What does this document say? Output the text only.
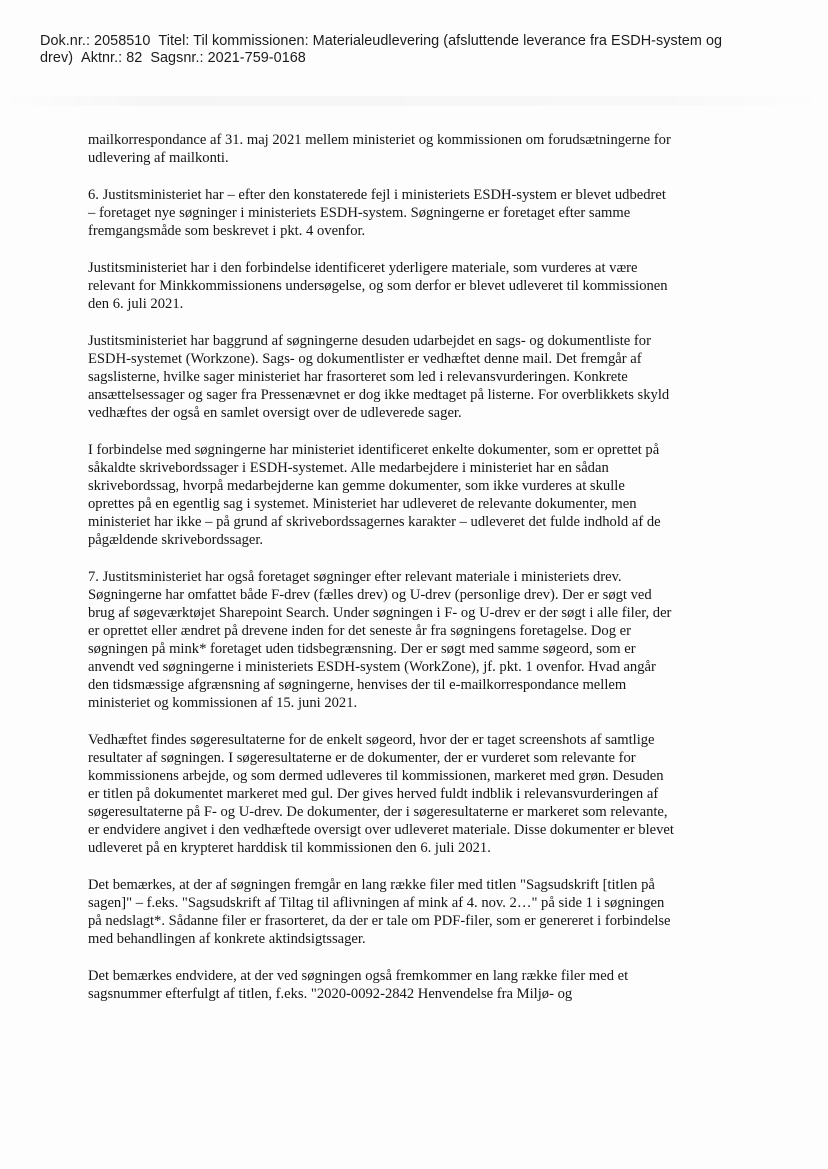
Dok.nr.: 2058510 Titel: Til kommissionen: Materialeudlevering (afsluttende leverance fra ESDH-system og
drev) Aktnr.: 82 Sagsnr.: 2021-759-0168
mailkorrespondance af 31. maj 2021 mellem ministeriet og kommissionen om forudsætningerne for
udlevering af mailkonti.
6. Justitsministeriet har – efter den konstaterede fejl i ministeriets ESDH-system er blevet udbedret
– foretaget nye søgninger i ministeriets ESDH-system. Søgningerne er foretaget efter samme
fremgangsmåde som beskrevet i pkt. 4 ovenfor.
Justitsministeriet har i den forbindelse identificeret yderligere materiale, som vurderes at være
relevant for Minkkommissionens undersøgelse, og som derfor er blevet udleveret til kommissionen
den 6. juli 2021.
Justitsministeriet har baggrund af søgningerne desuden udarbejdet en sags- og dokumentliste for
ESDH-systemet (Workzone). Sags- og dokumentlister er vedhæftet denne mail. Det fremgår af
sagslisterne, hvilke sager ministeriet har frasorteret som led i relevansvurderingen. Konkrete
ansættelsessager og sager fra Pressenævnet er dog ikke medtaget på listerne. For overblikkets skyld
vedhæftes der også en samlet oversigt over de udleverede sager.
I forbindelse med søgningerne har ministeriet identificeret enkelte dokumenter, som er oprettet på
såkaldte skrivebordssager i ESDH-systemet. Alle medarbejdere i ministeriet har en sådan
skrivebordssag, hvorpå medarbejderne kan gemme dokumenter, som ikke vurderes at skulle
oprettes på en egentlig sag i systemet. Ministeriet har udleveret de relevante dokumenter, men
ministeriet har ikke – på grund af skrivebordssagernes karakter – udleveret det fulde indhold af de
pågældende skrivebordssager.
7. Justitsministeriet har også foretaget søgninger efter relevant materiale i ministeriets drev.
Søgningerne har omfattet både F-drev (fælles drev) og U-drev (personlige drev). Der er søgt ved
brug af søgeværktøjet Sharepoint Search. Under søgningen i F- og U-drev er der søgt i alle filer, der
er oprettet eller ændret på drevene inden for det seneste år fra søgningens foretagelse. Dog er
søgningen på mink* foretaget uden tidsbegrænsning. Der er søgt med samme søgeord, som er
anvendt ved søgningerne i ministeriets ESDH-system (WorkZone), jf. pkt. 1 ovenfor. Hvad angår
den tidsmæssige afgrænsning af søgningerne, henvises der til e-mailkorrespondance mellem
ministeriet og kommissionen af 15. juni 2021.
Vedhæftet findes søgeresultaterne for de enkelt søgeord, hvor der er taget screenshots af samtlige
resultater af søgningen. I søgeresultaterne er de dokumenter, der er vurderet som relevante for
kommissionens arbejde, og som dermed udleveres til kommissionen, markeret med grøn. Desuden
er titlen på dokumentet markeret med gul. Der gives herved fuldt indblik i relevansvurderingen af
søgeresultaterne på F- og U-drev. De dokumenter, der i søgeresultaterne er markeret som relevante,
er endvidere angivet i den vedhæftede oversigt over udleveret materiale. Disse dokumenter er blevet
udleveret på en krypteret harddisk til kommissionen den 6. juli 2021.
Det bemærkes, at der af søgningen fremgår en lang række filer med titlen "Sagsudskrift [titlen på
sagen]" – f.eks. "Sagsudskrift af Tiltag til aflivningen af mink af 4. nov. 2…" på side 1 i søgningen
på nedslagt*. Sådanne filer er frasorteret, da der er tale om PDF-filer, som er genereret i forbindelse
med behandlingen af konkrete aktindsigtssager.
Det bemærkes endvidere, at der ved søgningen også fremkommer en lang række filer med et
sagsnummer efterfulgt af titlen, f.eks. "2020-0092-2842 Henvendelse fra Miljø- og
